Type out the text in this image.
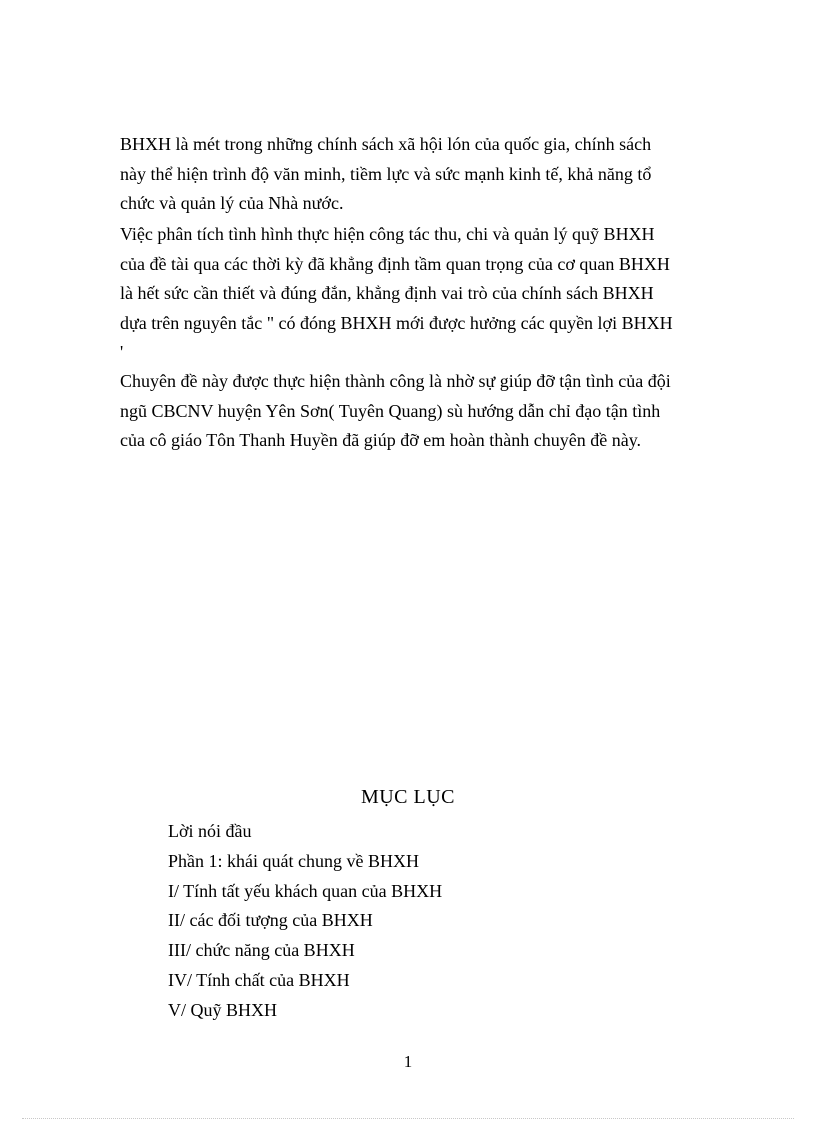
BHXH là mét trong những chính sách xã hội lón của quốc gia, chính sách
này thể hiện trình độ văn minh, tiềm lực và sức mạnh kinh tế, khả năng tổ
chức và quản lý của Nhà nước.

Việc phân tích tình hình thực hiện công tác thu, chi và quản lý quỹ BHXH
của đề tài qua các thời kỳ đã khẳng định tầm quan trọng của cơ quan BHXH
là hết sức cần thiết và đúng đắn, khẳng định vai trò của chính sách BHXH
dựa trên nguyên tắc " có đóng BHXH mới được hưởng các quyền lợi BHXH
'

Chuyên đề này được thực hiện thành công là nhờ sự giúp đỡ tận tình của đội
ngũ CBCNV huyện Yên Sơn( Tuyên Quang) sù hướng dẫn chỉ đạo tận tình
của cô giáo Tôn Thanh Huyền đã giúp đỡ em hoàn thành chuyên đề này.

MỤC LỤC
Lời nói đầu
Phần 1: khái quát chung về BHXH
I/ Tính tất yếu khách quan của BHXH
II/ các đối tượng của BHXH
III/ chức năng của BHXH
IV/ Tính chất của BHXH
V/ Quỹ BHXH
1
